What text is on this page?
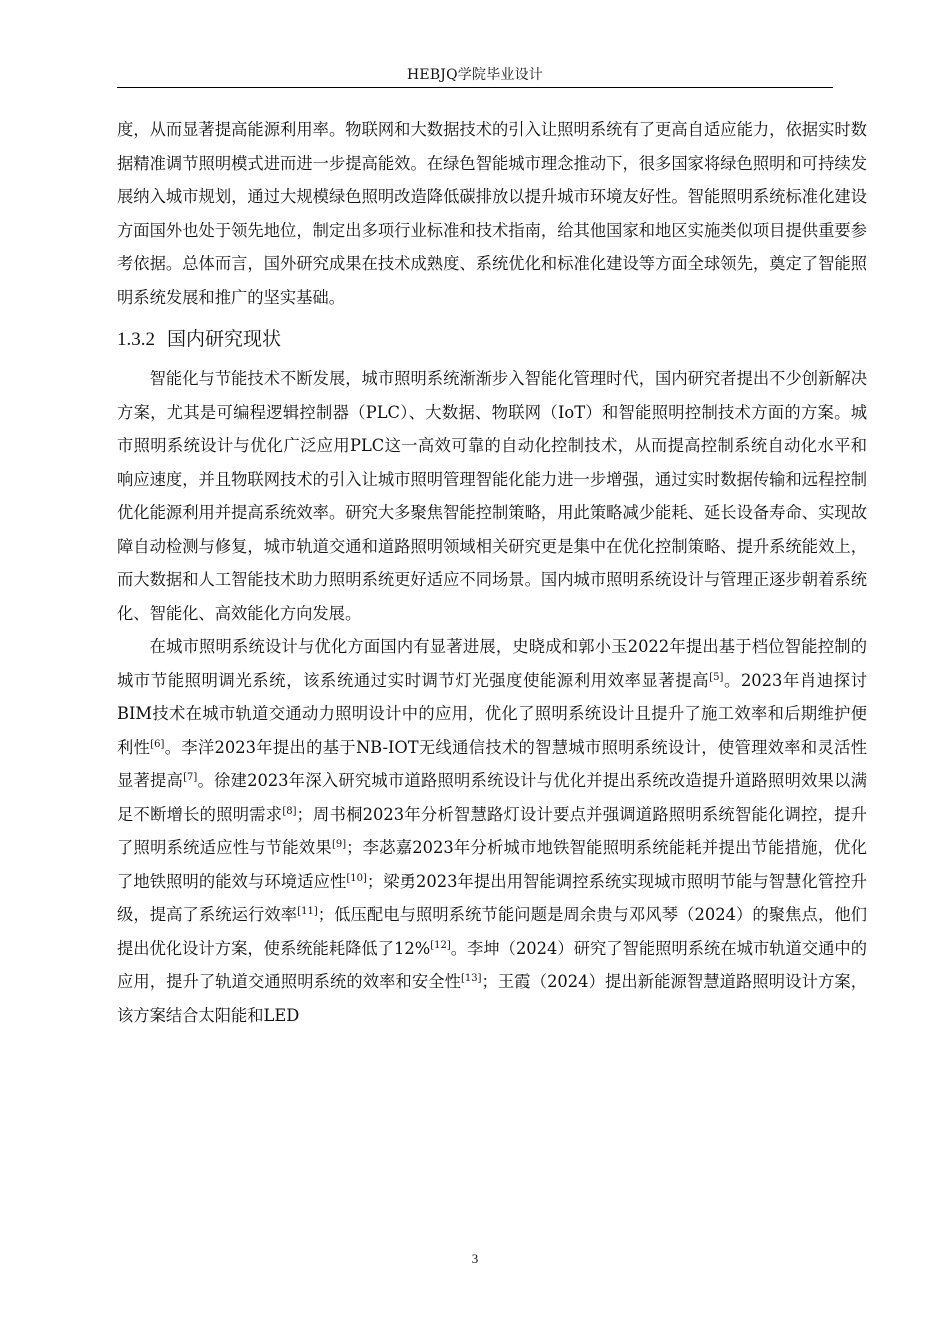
HEBJQ学院毕业设计

度，从而显著提高能源利用率。物联网和大数据技术的引入让照明系统有了更高自适应能力，依据实时数据精准调节照明模式进而进一步提高能效。在绿色智能城市理念推动下，很多国家将绿色照明和可持续发展纳入城市规划，通过大规模绿色照明改造降低碳排放以提升城市环境友好性。智能照明系统标准化建设方面国外也处于领先地位，制定出多项行业标准和技术指南，给其他国家和地区实施类似项目提供重要参考依据。总体而言，国外研究成果在技术成熟度、系统优化和标准化建设等方面全球领先，奠定了智能照明系统发展和推广的坚实基础。

1.3.2 国内研究现状

智能化与节能技术不断发展，城市照明系统渐渐步入智能化管理时代，国内研究者提出不少创新解决方案，尤其是可编程逻辑控制器（PLC）、大数据、物联网（IoT）和智能照明控制技术方面的方案。城市照明系统设计与优化广泛应用PLC这一高效可靠的自动化控制技术，从而提高控制系统自动化水平和响应速度，并且物联网技术的引入让城市照明管理智能化能力进一步增强，通过实时数据传输和远程控制优化能源利用并提高系统效率。研究大多聚焦智能控制策略，用此策略减少能耗、延长设备寿命、实现故障自动检测与修复，城市轨道交通和道路照明领域相关研究更是集中在优化控制策略、提升系统能效上，而大数据和人工智能技术助力照明系统更好适应不同场景。国内城市照明系统设计与管理正逐步朝着系统化、智能化、高效能化方向发展。

在城市照明系统设计与优化方面国内有显著进展，史晓成和郭小玉2022年提出基于档位智能控制的城市节能照明调光系统，该系统通过实时调节灯光强度使能源利用效率显著提高[5]。2023年肖迪探讨BIM技术在城市轨道交通动力照明设计中的应用，优化了照明系统设计且提升了施工效率和后期维护便利性[6]。李洋2023年提出的基于NB-IOT无线通信技术的智慧城市照明系统设计，使管理效率和灵活性显著提高[7]。徐建2023年深入研究城市道路照明系统设计与优化并提出系统改造提升道路照明效果以满足不断增长的照明需求[8]；周书桐2023年分析智慧路灯设计要点并强调道路照明系统智能化调控，提升了照明系统适应性与节能效果[9]；李苾嘉2023年分析城市地铁智能照明系统能耗并提出节能措施，优化了地铁照明的能效与环境适应性[10]；梁勇2023年提出用智能调控系统实现城市照明节能与智慧化管控升级，提高了系统运行效率[11]；低压配电与照明系统节能问题是周余贵与邓风琴（2024）的聚焦点，他们提出优化设计方案，使系统能耗降低了12%[12]。李坤（2024）研究了智能照明系统在城市轨道交通中的应用，提升了轨道交通照明系统的效率和安全性[13]；王霞（2024）提出新能源智慧道路照明设计方案，该方案结合太阳能和LED

3
